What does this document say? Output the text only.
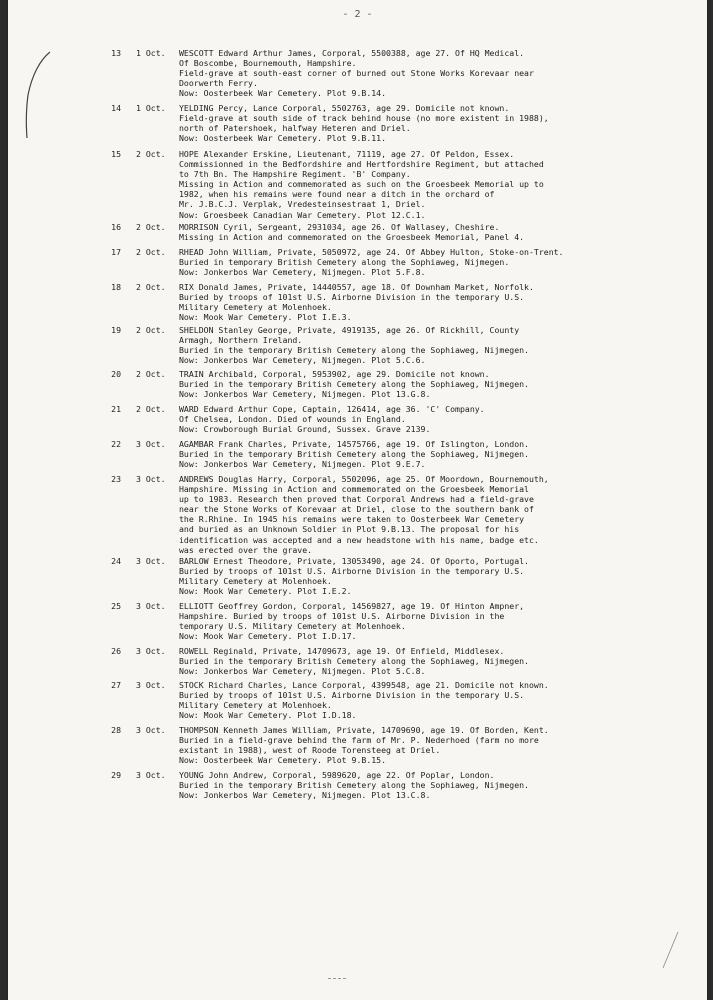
- 2 -
13 1 Oct.	WESCOTT Edward Arthur James, Corporal, 5500388, age 27. Of HQ Medical.
Of Boscombe, Bournemouth, Hampshire.
Field-grave at south-east corner of burned out Stone Works Korevaar near
Doorwerth Ferry.
Now: Oosterbeek War Cemetery. Plot 9.B.14.
14 1 Oct.	YELDING Percy, Lance Corporal, 5502763, age 29. Domicile not known.
Field-grave at south side of track behind house (no more existent in 1988),
north of Patershoek, halfway Heteren and Driel.
Now: Oosterbeek War Cemetery. Plot 9.B.11.
15 2 Oct.	HOPE Alexander Erskine, Lieutenant, 71119, age 27. Of Peldon, Essex.
Commissionned in the Bedfordshire and Hertfordshire Regiment, but attached
to 7th Bn. The Hampshire Regiment. 'B' Company.
Missing in Action and commemorated as such on the Groesbeek Memorial up to
1982, when his remains were found near a ditch in the orchard of
Mr. J.B.C.J. Verplak, Vredesteinsestraat 1, Driel.
Now: Groesbeek Canadian War Cemetery. Plot 12.C.1.
16 2 Oct.	MORRISON Cyril, Sergeant, 2931034, age 26. Of Wallasey, Cheshire.
Missing in Action and commemorated on the Groesbeek Memorial, Panel 4.
17 2 Oct.	RHEAD John William, Private, 5050972, age 24. Of Abbey Hulton, Stoke-on-Trent.
Buried in temporary British Cemetery along the Sophiaweg, Nijmegen.
Now: Jonkerbos War Cemetery, Nijmegen. Plot 5.F.8.
18 2 Oct.	RIX Donald James, Private, 14440557, age 18. Of Downham Market, Norfolk.
Buried by troops of 101st U.S. Airborne Division in the temporary U.S.
Military Cemetery at Molenhoek.
Now: Mook War Cemetery. Plot I.E.3.
19 2 Oct.	SHELDON Stanley George, Private, 4919135, age 26. Of Rickhill, County
Armagh, Northern Ireland.
Buried in the temporary British Cemetery along the Sophiaweg, Nijmegen.
Now: Jonkerbos War Cemetery, Nijmegen. Plot 5.C.6.
20 2 Oct.	TRAIN Archibald, Corporal, 5953902, age 29. Domicile not known.
Buried in the temporary British Cemetery along the Sophiaweg, Nijmegen.
Now: Jonkerbos War Cemetery, Nijmegen. Plot 13.G.8.
21 2 Oct.	WARD Edward Arthur Cope, Captain, 126414, age 36. 'C' Company.
Of Chelsea, London. Died of wounds in England.
Now: Crowborough Burial Ground, Sussex. Grave 2139.
22 3 Oct.	AGAMBAR Frank Charles, Private, 14575766, age 19. Of Islington, London.
Buried in the temporary British Cemetery along the Sophiaweg, Nijmegen.
Now: Jonkerbos War Cemetery, Nijmegen. Plot 9.E.7.
23 3 Oct.	ANDREWS Douglas Harry, Corporal, 5502096, age 25. Of Moordown, Bournemouth,
Hampshire. Missing in Action and commemorated on the Groesbeek Memorial
up to 1983. Research then proved that Corporal Andrews had a field-grave
near the Stone Works of Korevaar at Driel, close to the southern bank of
the R.Rhine. In 1945 his remains were taken to Oosterbeek War Cemetery
and buried as an Unknown Soldier in Plot 9.B.13. The proposal for his
identification was accepted and a new headstone with his name, badge etc.
was erected over the grave.
24 3 Oct.	BARLOW Ernest Theodore, Private, 13053490, age 24. Of Oporto, Portugal.
Buried by troops of 101st U.S. Airborne Division in the temporary U.S.
Military Cemetery at Molenhoek.
Now: Mook War Cemetery. Plot I.E.2.
25 3 Oct.	ELLIOTT Geoffrey Gordon, Corporal, 14569827, age 19. Of Hinton Ampner,
Hampshire. Buried by troops of 101st U.S. Airborne Division in the
temporary U.S. Military Cemetery at Molenhoek.
Now: Mook War Cemetery. Plot I.D.17.
26 3 Oct.	ROWELL Reginald, Private, 14709673, age 19. Of Enfield, Middlesex.
Buried in the temporary British Cemetery along the Sophiaweg, Nijmegen.
Now: Jonkerbos War Cemetery, Nijmegen. Plot 5.C.8.
27 3 Oct.	STOCK Richard Charles, Lance Corporal, 4399548, age 21. Domicile not known.
Buried by troops of 101st U.S. Airborne Division in the temporary U.S.
Military Cemetery at Molenhoek.
Now: Mook War Cemetery. Plot I.D.18.
28 3 Oct.	THOMPSON Kenneth James William, Private, 14709690, age 19. Of Borden, Kent.
Buried in a field-grave behind the farm of Mr. P. Nederhoed (farm no more
existant in 1988), west of Roode Torensteeg at Driel.
Now: Oosterbeek War Cemetery. Plot 9.B.15.
29 3 Oct.	YOUNG John Andrew, Corporal, 5989620, age 22. Of Poplar, London.
Buried in the temporary British Cemetery along the Sophiaweg, Nijmegen.
Now: Jonkerbos War Cemetery, Nijmegen. Plot 13.C.8.
